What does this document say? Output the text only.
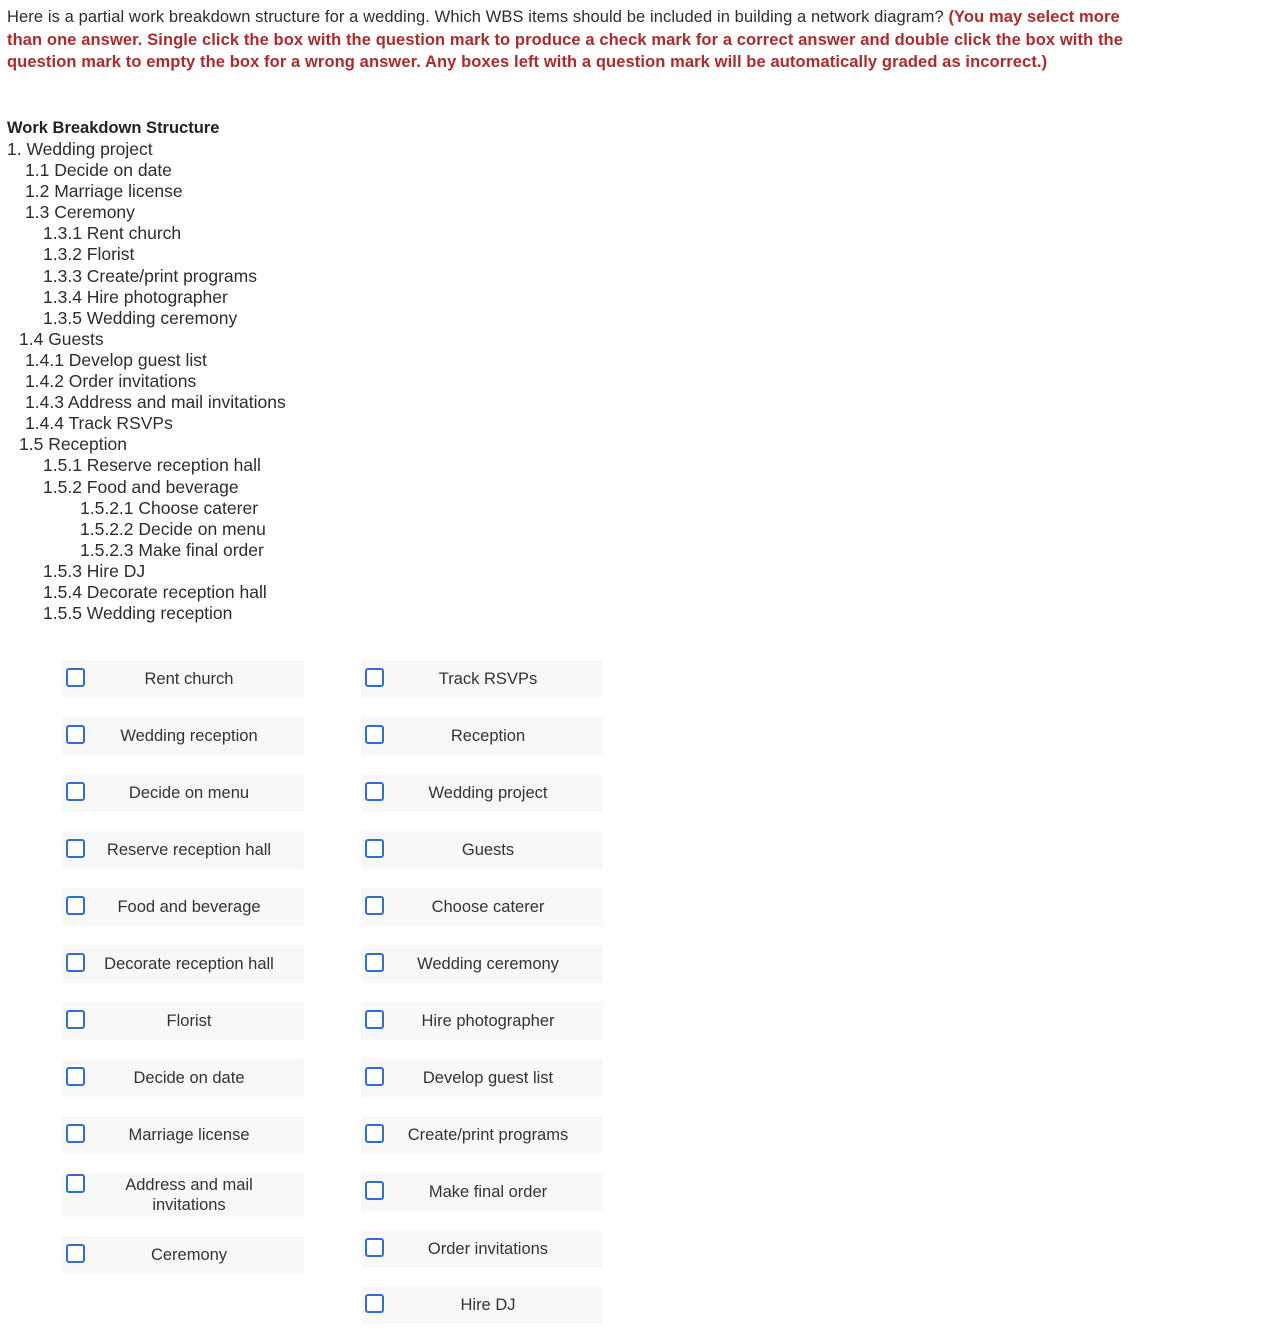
Here is a partial work breakdown structure for a wedding. Which WBS items should be included in building a network diagram? (You may select more than one answer. Single click the box with the question mark to produce a check mark for a correct answer and double click the box with the question mark to empty the box for a wrong answer. Any boxes left with a question mark will be automatically graded as incorrect.)
Work Breakdown Structure
1. Wedding project
1.1 Decide on date
1.2 Marriage license
1.3 Ceremony
1.3.1 Rent church
1.3.2 Florist
1.3.3 Create/print programs
1.3.4 Hire photographer
1.3.5 Wedding ceremony
1.4 Guests
1.4.1 Develop guest list
1.4.2 Order invitations
1.4.3 Address and mail invitations
1.4.4 Track RSVPs
1.5 Reception
1.5.1 Reserve reception hall
1.5.2 Food and beverage
1.5.2.1 Choose caterer
1.5.2.2 Decide on menu
1.5.2.3 Make final order
1.5.3 Hire DJ
1.5.4 Decorate reception hall
1.5.5 Wedding reception
Rent church
Wedding reception
Decide on menu
Reserve reception hall
Food and beverage
Decorate reception hall
Florist
Decide on date
Marriage license
Address and mail invitations
Ceremony
Track RSVPs
Reception
Wedding project
Guests
Choose caterer
Wedding ceremony
Hire photographer
Develop guest list
Create/print programs
Make final order
Order invitations
Hire DJ
